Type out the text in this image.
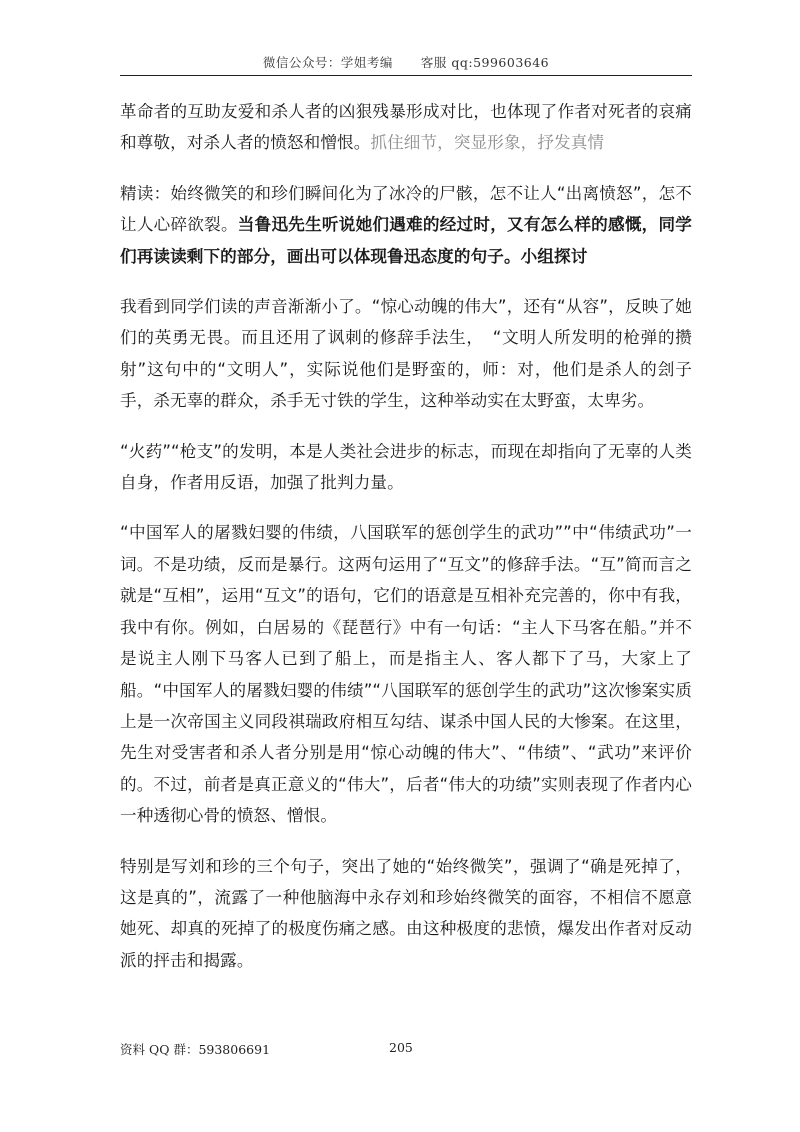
微信公众号：学姐考编 客服 qq:599603646

革命者的互助友爱和杀人者的凶狠残暴形成对比，也体现了作者对死者的哀痛和尊敬，对杀人者的愤怒和憎恨。抓住细节，突显形象，抒发真情

精读：始终微笑的和珍们瞬间化为了冰冷的尸骸，怎不让人“出离愤怒”，怎不让人心碎欲裂。当鲁迅先生听说她们遇难的经过时，又有怎么样的感慨，同学们再读读剩下的部分，画出可以体现鲁迅态度的句子。小组探讨

我看到同学们读的声音渐渐小了。“惊心动魄的伟大”，还有“从容”，反映了她们的英勇无畏。而且还用了讽刺的修辞手法生，　“文明人所发明的枪弹的攒射”这句中的“文明人”，实际说他们是野蛮的，师：对，他们是杀人的刽子手，杀无辜的群众，杀手无寸铁的学生，这种举动实在太野蛮，太卑劣。

“火药”“枪支”的发明，本是人类社会进步的标志，而现在却指向了无辜的人类自身，作者用反语，加强了批判力量。

“中国军人的屠戮妇婴的伟绩，八国联军的惩创学生的武功””中“伟绩武功”一词。不是功绩，反而是暴行。这两句运用了“互文”的修辞手法。“互”简而言之就是“互相”，运用“互文”的语句，它们的语意是互相补充完善的，你中有我，我中有你。例如，白居易的《琵琶行》中有一句话：“主人下马客在船。”并不是说主人刚下马客人已到了船上，而是指主人、客人都下了马，大家上了船。“中国军人的屠戮妇婴的伟绩”“八国联军的惩创学生的武功”这次惨案实质上是一次帝国主义同段祺瑞政府相互勾结、谋杀中国人民的大惨案。在这里，先生对受害者和杀人者分别是用“惊心动魄的伟大”、“伟绩”、“武功”来评价的。不过，前者是真正意义的“伟大”，后者“伟大的功绩”实则表现了作者内心一种透彻心骨的愤怒、憎恨。

特别是写刘和珍的三个句子，突出了她的“始终微笑”，强调了“确是死掉了，这是真的”，流露了一种他脑海中永存刘和珍始终微笑的面容，不相信不愿意她死、却真的死掉了的极度伤痛之感。由这种极度的悲愤，爆发出作者对反动派的抨击和揭露。

资料 QQ 群：593806691	205
